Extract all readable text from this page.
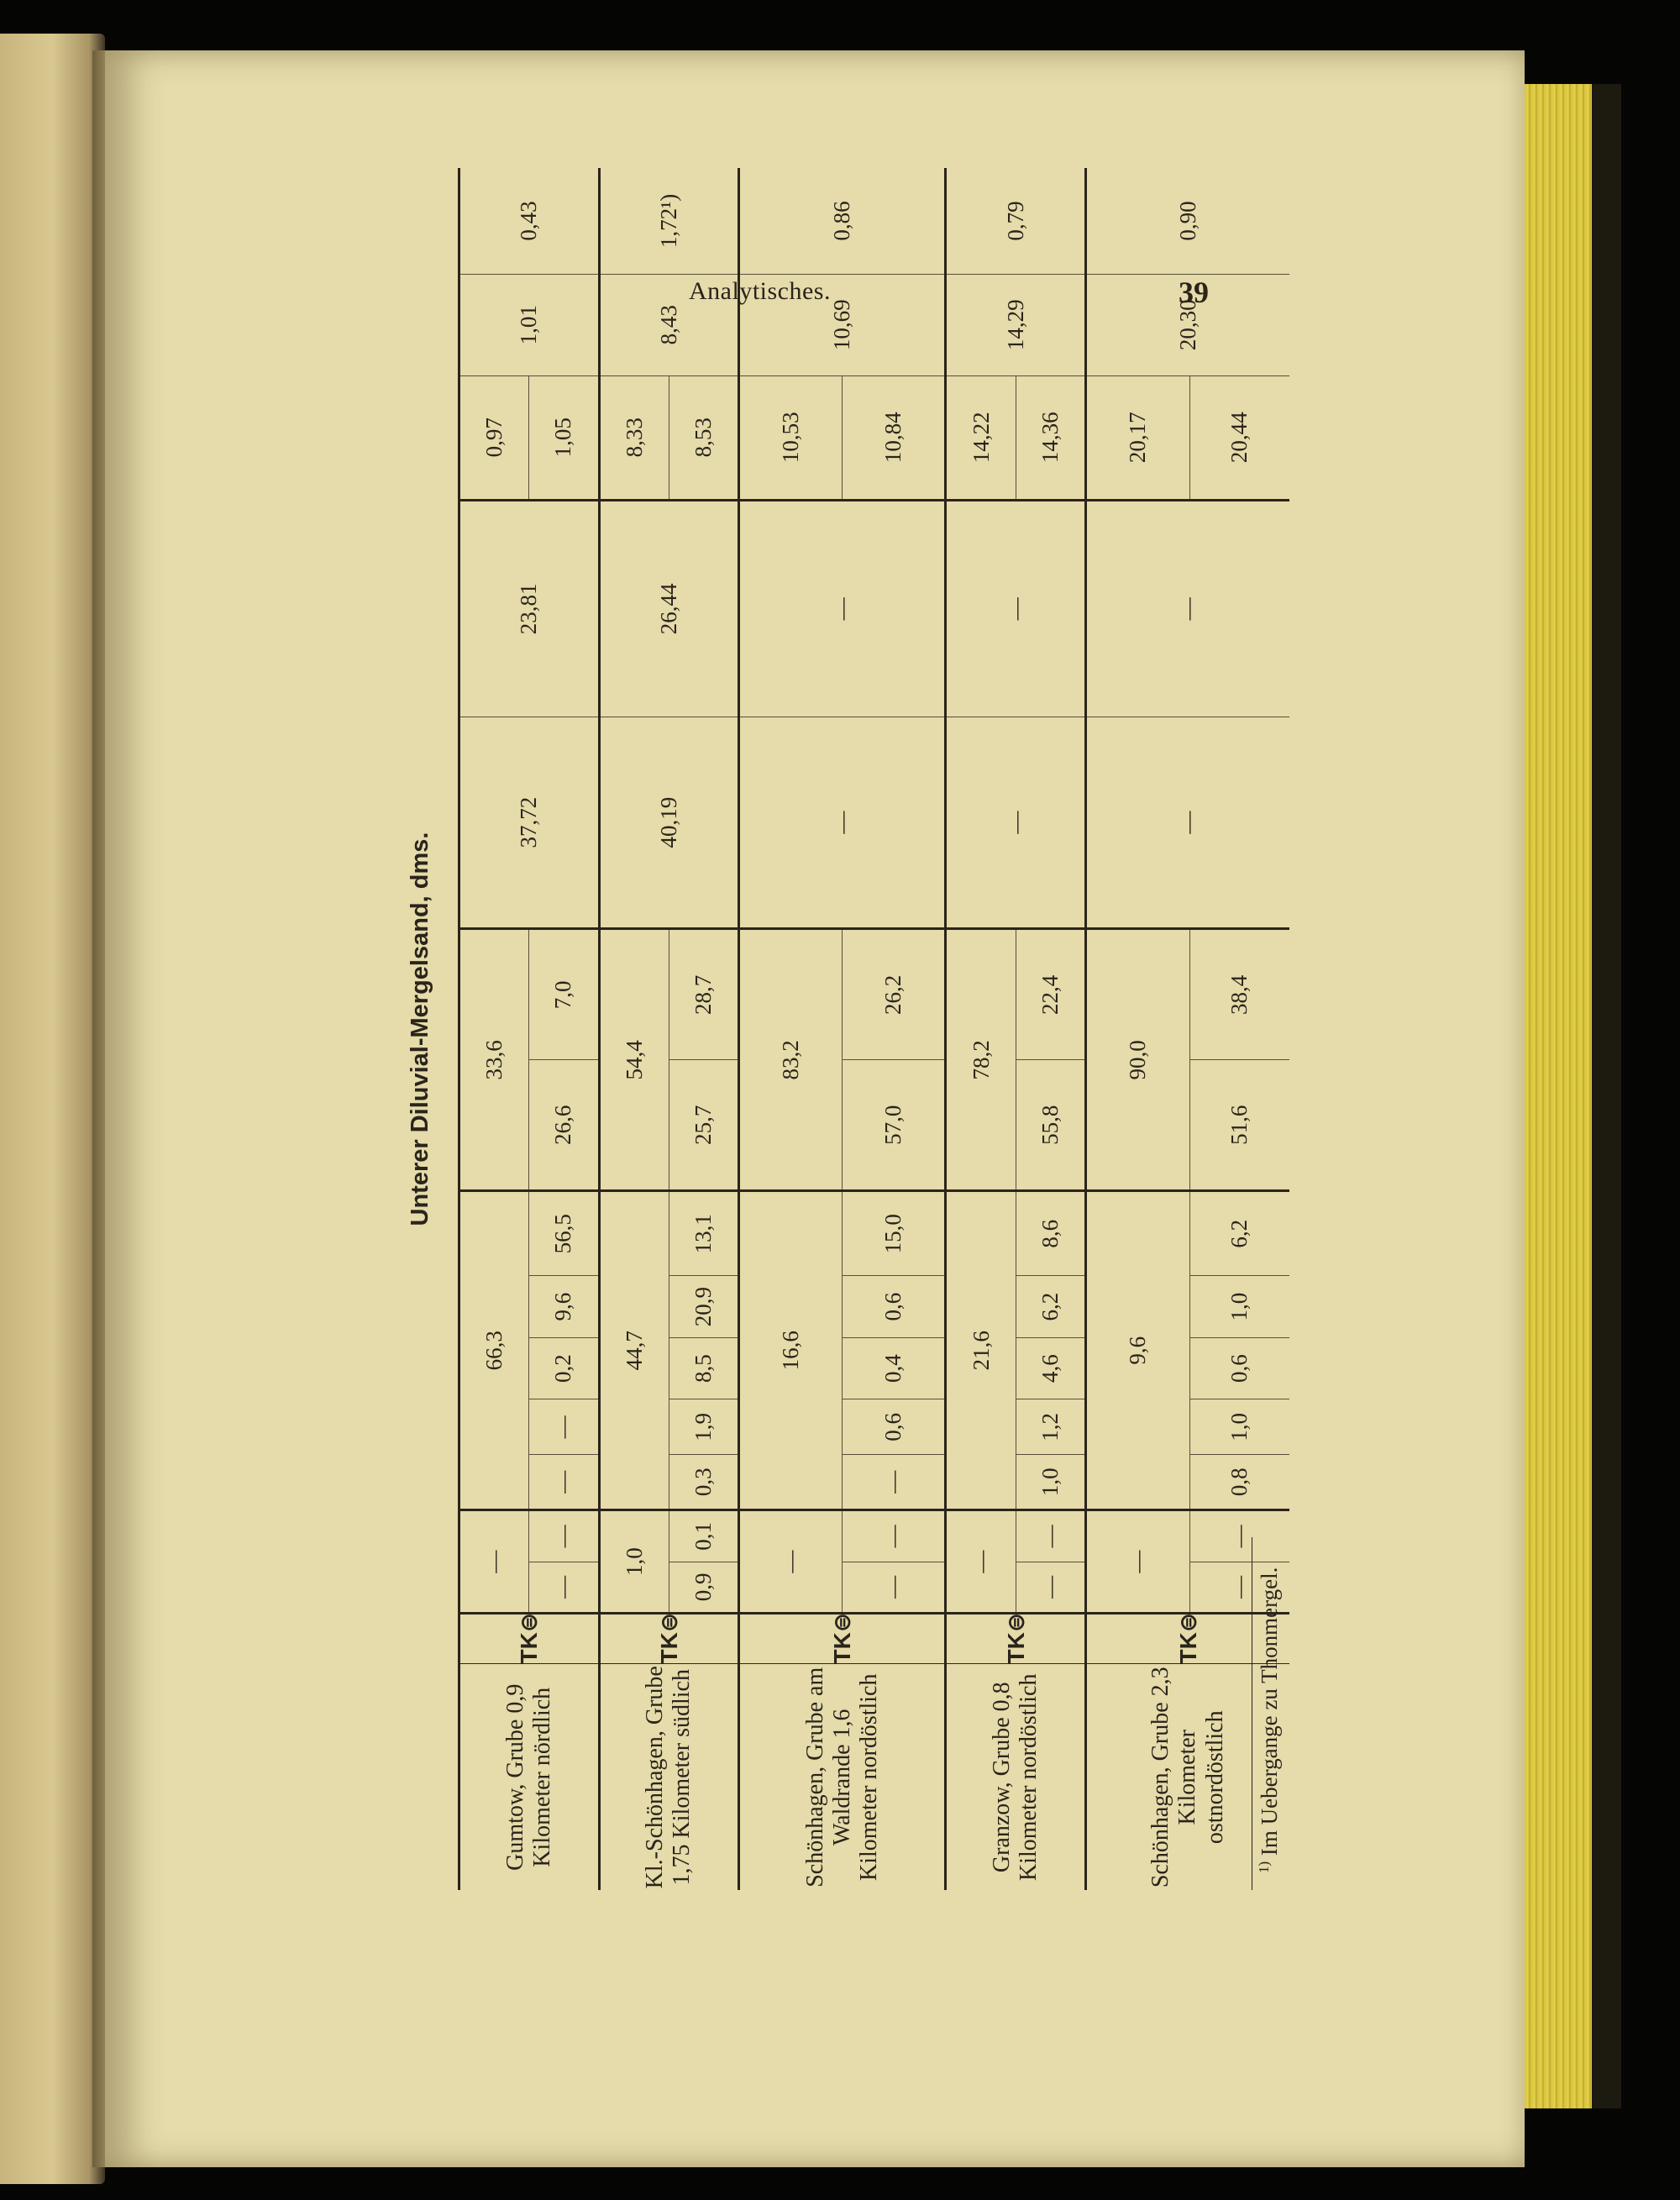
Analytisches.	39
Unterer Diluvial-Mergelsand, dms.
Gumtow, Grube 0,9 Kilometer nördlich	TK⊜	—		66,3					33,6		37,72	23,81	0,97	1,01	0,43
		—	—	—	—	0,2	9,6	56,5	26,6	7,0			1,05		
Kl.-Schönhagen, Grube 1,75 Kilometer südlich	TK⊜	1,0		44,7					54,4		40,19	26,44	8,33	8,43	1,72¹)
		0,9	0,1	0,3	1,9	8,5	20,9	13,1	25,7	28,7			8,53		
Schönhagen, Grube am Waldrande 1,6 Kilometer nordöstlich	TK⊜	—		16,6					83,2		—	—	10,53	10,69	0,86
		—	—	—	0,6	0,4	0,6	15,0	57,0	26,2			10,84		
Granzow, Grube 0,8 Kilometer nordöstlich	TK⊜	—		21,6					78,2		—	—	14,22	14,29	0,79
		—	—	1,0	1,2	4,6	6,2	8,6	55,8	22,4			14,36		
Schönhagen, Grube 2,3 Kilometer ostnordöstlich	TK⊜	—		9,6					90,0		—	—	20,17	20,30	0,90
		—	—	0,8	1,0	0,6	1,0	6,2	51,6	38,4			20,44		
$^{1)}$ Im Uebergange zu Thonmergel.
